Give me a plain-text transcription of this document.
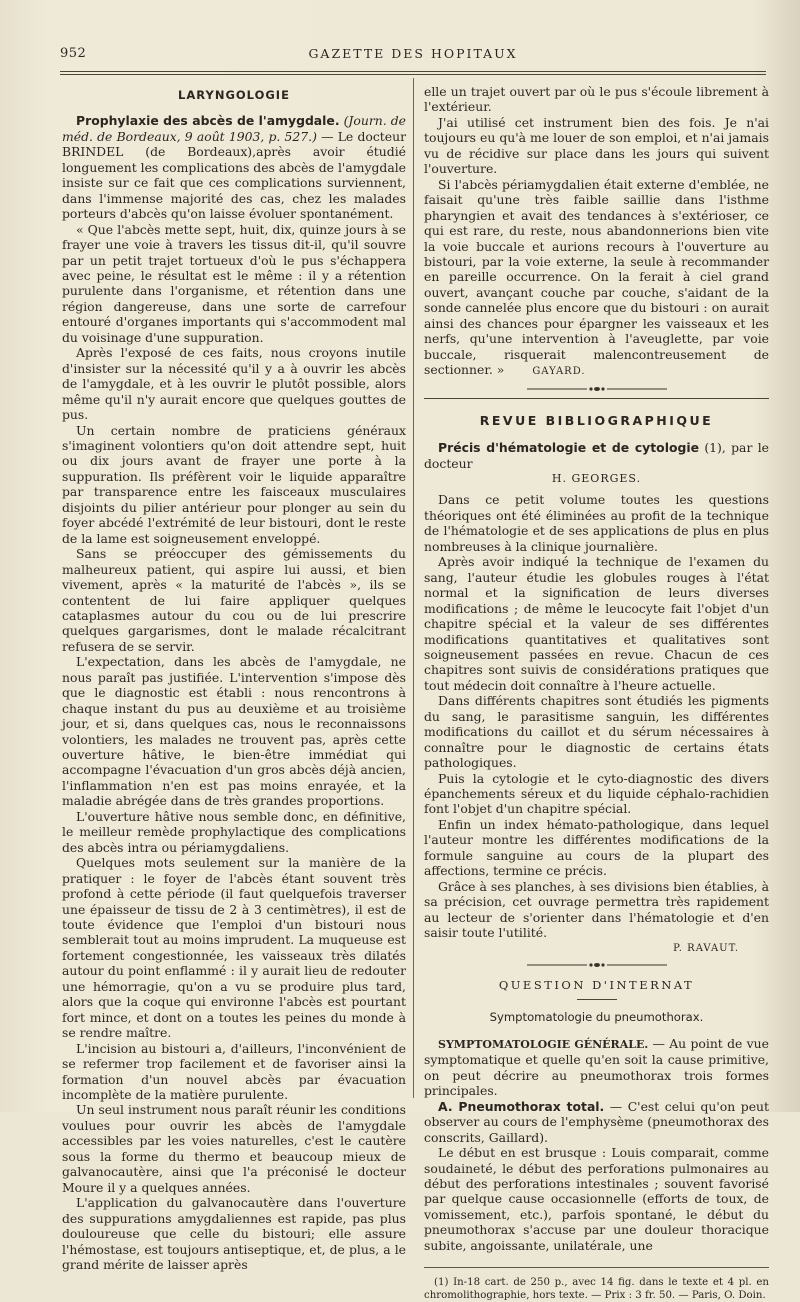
952	GAZETTE DES HOPITAUX
LARYNGOLOGIE

Prophylaxie des abcès de l'amygdale. (Journ. de méd. de Bordeaux, 9 août 1903, p. 527.) — Le docteur BRINDEL (de Bordeaux),après avoir étudié longuement les complications des abcès de l'amygdale insiste sur ce fait que ces complications surviennent, dans l'immense majorité des cas, chez les malades porteurs d'abcès qu'on laisse évoluer spontanément.

« Que l'abcès mette sept, huit, dix, quinze jours à se frayer une voie à travers les tissus dit-il, qu'il souvre par un petit trajet tortueux d'où le pus s'échappera avec peine, le résultat est le même : il y a rétention purulente dans l'organisme, et rétention dans une région dangereuse, dans une sorte de carrefour entouré d'organes importants qui s'accommodent mal du voisinage d'une suppuration.

Après l'exposé de ces faits, nous croyons inutile d'insister sur la nécessité qu'il y a à ouvrir les abcès de l'amygdale, et à les ouvrir le plutôt possible, alors même qu'il n'y aurait encore que quelques gouttes de pus.

Un certain nombre de praticiens généraux s'imaginent volontiers qu'on doit attendre sept, huit ou dix jours avant de frayer une porte à la suppuration. Ils préfèrent voir le liquide apparaître par transparence entre les faisceaux musculaires disjoints du pilier antérieur pour plonger au sein du foyer abcédé l'extrémité de leur bistouri, dont le reste de la lame est soigneusement enveloppé.

Sans se préoccuper des gémissements du malheureux patient, qui aspire lui aussi, et bien vivement, après « la maturité de l'abcès », ils se contentent de lui faire appliquer quelques cataplasmes autour du cou ou de lui prescrire quelques gargarismes, dont le malade récalcitrant refusera de se servir.

L'expectation, dans les abcès de l'amygdale, ne nous paraît pas justifiée. L'intervention s'impose dès que le diagnostic est établi : nous rencontrons à chaque instant du pus au deuxième et au troisième jour, et si, dans quelques cas, nous le reconnaissons volontiers, les malades ne trouvent pas, après cette ouverture hâtive, le bien-être immédiat qui accompagne l'évacuation d'un gros abcès déjà ancien, l'inflammation n'en est pas moins enrayée, et la maladie abrégée dans de très grandes proportions.

L'ouverture hâtive nous semble donc, en définitive, le meilleur remède prophylactique des complications des abcès intra ou périamygdaliens.

Quelques mots seulement sur la manière de la pratiquer : le foyer de l'abcès étant souvent très profond à cette période (il faut quelquefois traverser une épaisseur de tissu de 2 à 3 centimètres), il est de toute évidence que l'emploi d'un bistouri nous semblerait tout au moins imprudent. La muqueuse est fortement congestionnée, les vaisseaux très dilatés autour du point enflammé : il y aurait lieu de redouter une hémorragie, qu'on a vu se produire plus tard, alors que la coque qui environne l'abcès est pourtant fort mince, et dont on a toutes les peines du monde à se rendre maître.

L'incision au bistouri a, d'ailleurs, l'inconvénient de se refermer trop facilement et de favoriser ainsi la formation d'un nouvel abcès par évacuation incomplète de la matière purulente.

Un seul instrument nous paraît réunir les conditions voulues pour ouvrir les abcès de l'amygdale accessibles par les voies naturelles, c'est le cautère sous la forme du thermo et beaucoup mieux de galvanocautère, ainsi que l'a préconisé le docteur Moure il y a quelques années.

L'application du galvanocautère dans l'ouverture des suppurations amygdaliennes est rapide, pas plus douloureuse que celle du bistouri; elle assure l'hémostase, est toujours antiseptique, et, de plus, a le grand mérite de laisser après

elle un trajet ouvert par où le pus s'écoule librement à l'extérieur.

J'ai utilisé cet instrument bien des fois. Je n'ai toujours eu qu'à me louer de son emploi, et n'ai jamais vu de récidive sur place dans les jours qui suivent l'ouverture.

Si l'abcès périamygdalien était externe d'emblée, ne faisait qu'une très faible saillie dans l'isthme pharyngien et avait des tendances à s'extérioser, ce qui est rare, du reste, nous abandonnerions bien vite la voie buccale et aurions recours à l'ouverture au bistouri, par la voie externe, la seule à recommander en pareille occurrence. On la ferait à ciel grand ouvert, avançant couche par couche, s'aidant de la sonde cannelée plus encore que du bistouri : on aurait ainsi des chances pour épargner les vaisseaux et les nerfs, qu'une intervention à l'aveuglette, par voie buccale, risquerait malencontreusement de sectionner. »	GAYARD.

REVUE BIBLIOGRAPHIQUE

Précis d'hématologie et de cytologie (1), par le docteur

H. GEORGES.

Dans ce petit volume toutes les questions théoriques ont été éliminées au profit de la technique de l'hématologie et de ses applications de plus en plus nombreuses à la clinique journalière.

Après avoir indiqué la technique de l'examen du sang, l'auteur étudie les globules rouges à l'état normal et la signification de leurs diverses modifications ; de même le leucocyte fait l'objet d'un chapitre spécial et la valeur de ses différentes modifications quantitatives et qualitatives sont soigneusement passées en revue. Chacun de ces chapitres sont suivis de considérations pratiques que tout médecin doit connaître à l'heure actuelle.

Dans différents chapitres sont étudiés les pigments du sang, le parasitisme sanguin, les différentes modifications du caillot et du sérum nécessaires à connaître pour le diagnostic de certains états pathologiques.

Puis la cytologie et le cyto-diagnostic des divers épanchements séreux et du liquide céphalo-rachidien font l'objet d'un chapitre spécial.

Enfin un index hémato-pathologique, dans lequel l'auteur montre les différentes modifications de la formule sanguine au cours de la plupart des affections, termine ce précis.

Grâce à ses planches, à ses divisions bien établies, à sa précision, cet ouvrage permettra très rapidement au lecteur de s'orienter dans l'hématologie et d'en saisir toute l'utilité.

P. RAVAUT.
QUESTION D'INTERNAT
Symptomatologie du pneumothorax.

SYMPTOMATOLOGIE GÉNÉRALE. — Au point de vue symptomatique et quelle qu'en soit la cause primitive, on peut décrire au pneumothorax trois formes principales.

A. Pneumothorax total. — C'est celui qu'on peut observer au cours de l'emphysème (pneumothorax des conscrits, Gaillard).

Le début en est brusque : Louis comparait, comme soudaineté, le début des perforations pulmonaires au début des perforations intestinales ; souvent favorisé par quelque cause occasionnelle (efforts de toux, de vomissement, etc.), parfois spontané, le début du pneumothorax s'accuse par une douleur thoracique subite, angoissante, unilatérale, une

(1) In-18 cart. de 250 p., avec 14 fig. dans le texte et 4 pl. en chromolithographie, hors texte. — Prix : 3 fr. 50. — Paris, O. Doin.
